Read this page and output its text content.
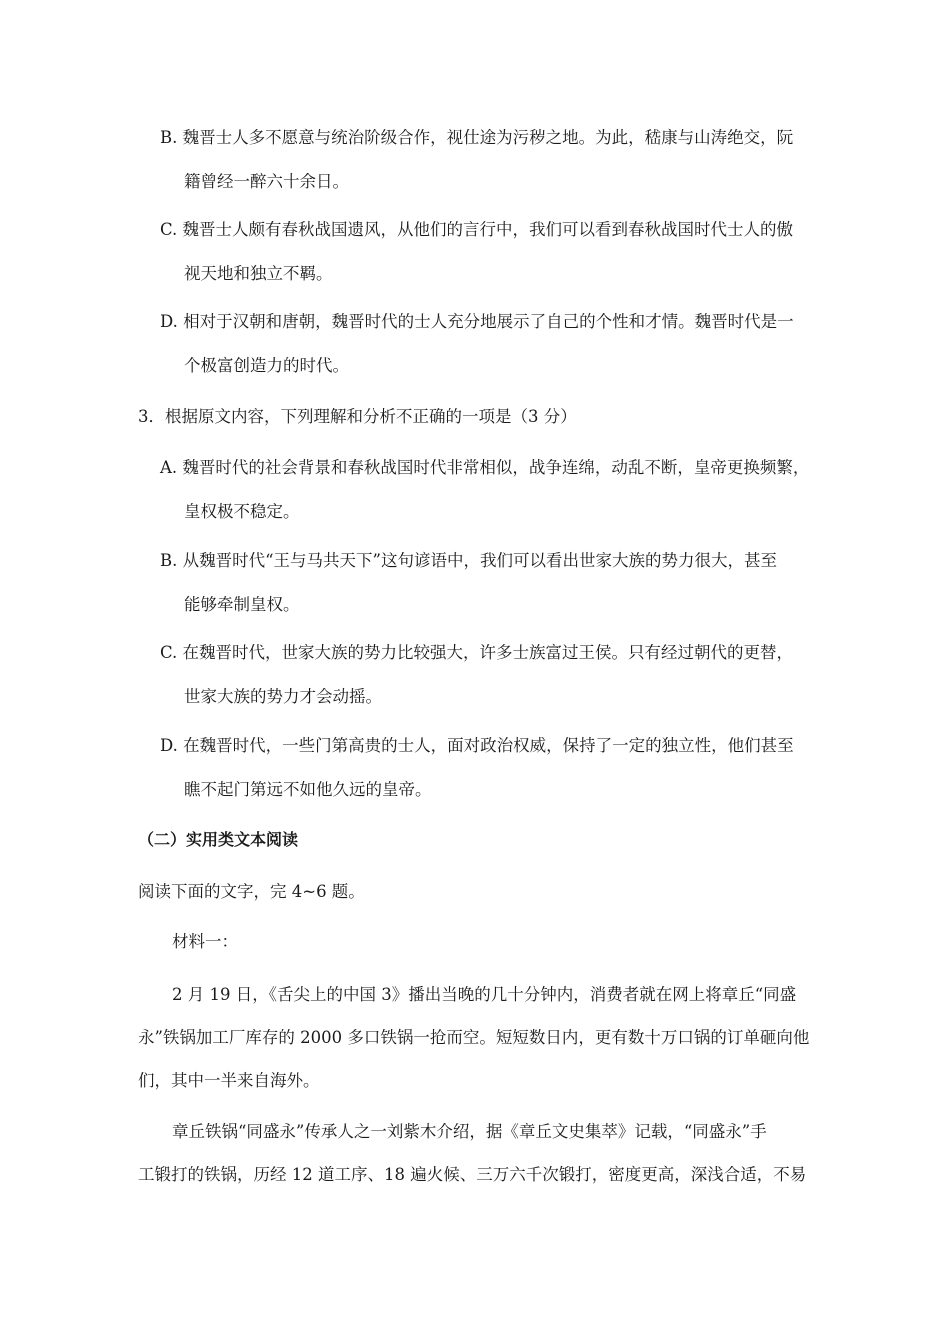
B. 魏晋士人多不愿意与统治阶级合作，视仕途为污秽之地。为此，嵇康与山涛绝交，阮
籍曾经一醉六十余日。
C. 魏晋士人颇有春秋战国遗风，从他们的言行中，我们可以看到春秋战国时代士人的傲
视天地和独立不羁。
D. 相对于汉朝和唐朝，魏晋时代的士人充分地展示了自己的个性和才情。魏晋时代是一
个极富创造力的时代。
3．根据原文内容，下列理解和分析不正确的一项是（3 分）
A. 魏晋时代的社会背景和春秋战国时代非常相似，战争连绵，动乱不断，皇帝更换频繁，
皇权极不稳定。
B. 从魏晋时代“王与马共天下”这句谚语中，我们可以看出世家大族的势力很大，甚至
能够牵制皇权。
C. 在魏晋时代，世家大族的势力比较强大，许多士族富过王侯。只有经过朝代的更替，
世家大族的势力才会动摇。
D. 在魏晋时代，一些门第高贵的士人，面对政治权威，保持了一定的独立性，他们甚至
瞧不起门第远不如他久远的皇帝。
（二）实用类文本阅读
阅读下面的文字，完 4~6 题。
材料一：
2 月 19 日，《舌尖上的中国 3》播出当晚的几十分钟内，消费者就在网上将章丘“同盛
永”铁锅加工厂库存的 2000 多口铁锅一抢而空。短短数日内，更有数十万口锅的订单砸向他
们，其中一半来自海外。
章丘铁锅“同盛永”传承人之一刘紫木介绍，据《章丘文史集萃》记载，“同盛永”手
工锻打的铁锅，历经 12 道工序、18 遍火候、三万六千次锻打，密度更高，深浅合适，不易
